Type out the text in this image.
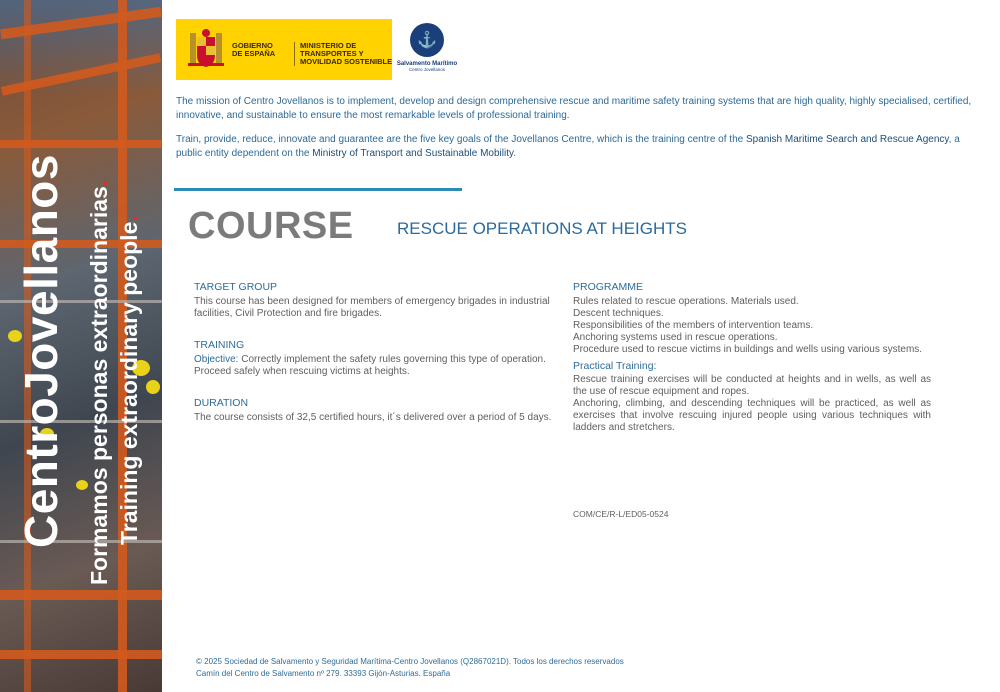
CentroJovellanos Formamos personas extraordinarias.
Training extraordinary people.
GOBIERNO DE ESPAÑA
MINISTERIO DE TRANSPORTES Y MOVILIDAD SOSTENIBLE
⚓
Salvamento Marítimo
Centro Jovellanos

The mission of Centro Jovellanos is to implement, develop and design comprehensive rescue and maritime safety training systems that are high quality, highly specialised, certified, innovative, and sustainable to ensure the most remarkable levels of professional training.

Train, provide, reduce, innovate and guarantee are the five key goals of the Jovellanos Centre, which is the training centre of the Spanish Maritime Search and Rescue Agency, a public entity dependent on the Ministry of Transport and Sustainable Mobility.

COURSE	RESCUE OPERATIONS AT HEIGHTS
TARGET GROUP
This course has been designed for members of emergency brigades in industrial facilities, Civil Protection and fire brigades.
TRAINING
Objective: Correctly implement the safety rules governing this type of operation.
Proceed safely when rescuing victims at heights.
DURATION
The course consists of 32,5 certified hours, it´s delivered over a period of 5 days.
PROGRAMME
Rules related to rescue operations. Materials used.
Descent techniques.
Responsibilities of the members of intervention teams.
Anchoring systems used in rescue operations.
Procedure used to rescue victims in buildings and wells using various systems.
Practical Training:
Rescue training exercises will be conducted at heights and in wells, as well as the use of rescue equipment and ropes.
Anchoring, climbing, and descending techniques will be practiced, as well as exercises that involve rescuing injured people using various techniques with ladders and stretchers.
COM/CE/R-L/ED05-0524
© 2025 Sociedad de Salvamento y Seguridad Marítima-Centro Jovellanos (Q2867021D). Todos los derechos reservados
Camín del Centro de Salvamento nº 279. 33393 Gijón-Asturias. España
